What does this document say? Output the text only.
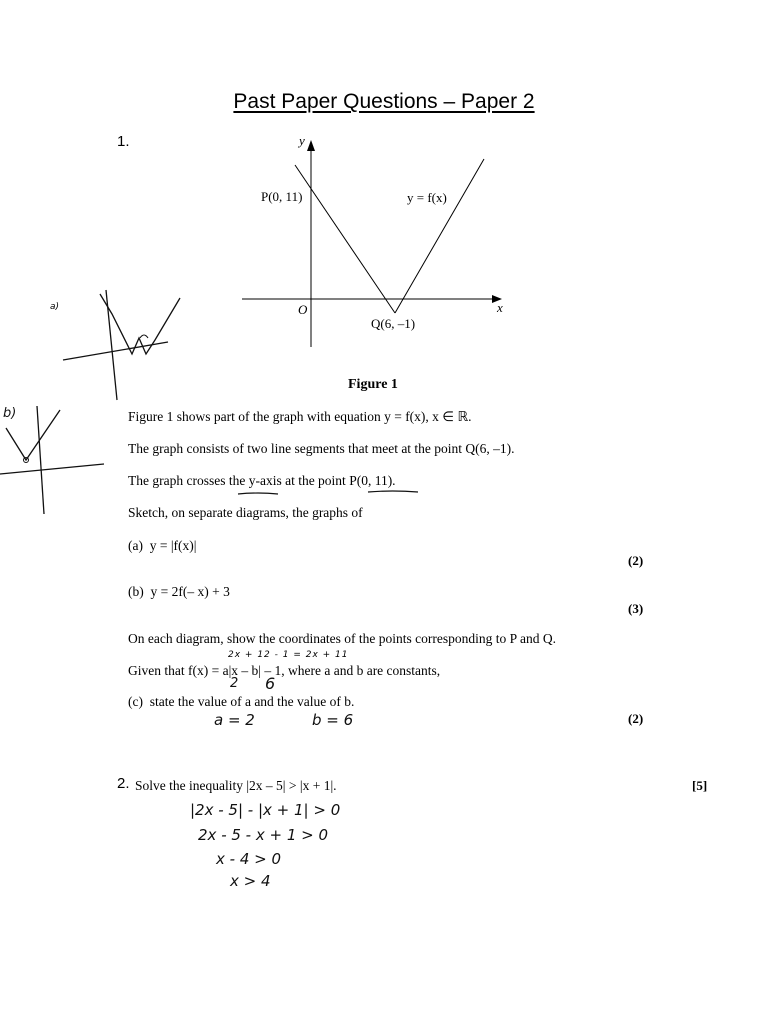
Past Paper Questions – Paper 2
1.	y
x
O
P(0, 11)
Q(6, –1)
y = f(x)
Figure 1
a)
b)	Figure 1 shows part of the graph with equation y = f(x), x ∈ ℝ.
The graph consists of two line segments that meet at the point Q(6, –1).
The graph crosses the y-axis at the point P(0, 11).
Sketch, on separate diagrams, the graphs of
(a) y = |f(x)|
(2)
(b) y = 2f(– x) + 3
(3)
On each diagram, show the coordinates of the points corresponding to P and Q.
2x + 12 - 1 = 2x + 11
Given that f(x) = a|x – b| – 1, where a and b are constants,
2 6
(c) state the value of a and the value of b.
(2)
a = 2	b = 6
2. Solve the inequality |2x – 5| > |x + 1|.	[5]
|2x - 5| - |x + 1| > 0
2x - 5 - x + 1 > 0
x - 4 > 0
x > 4
